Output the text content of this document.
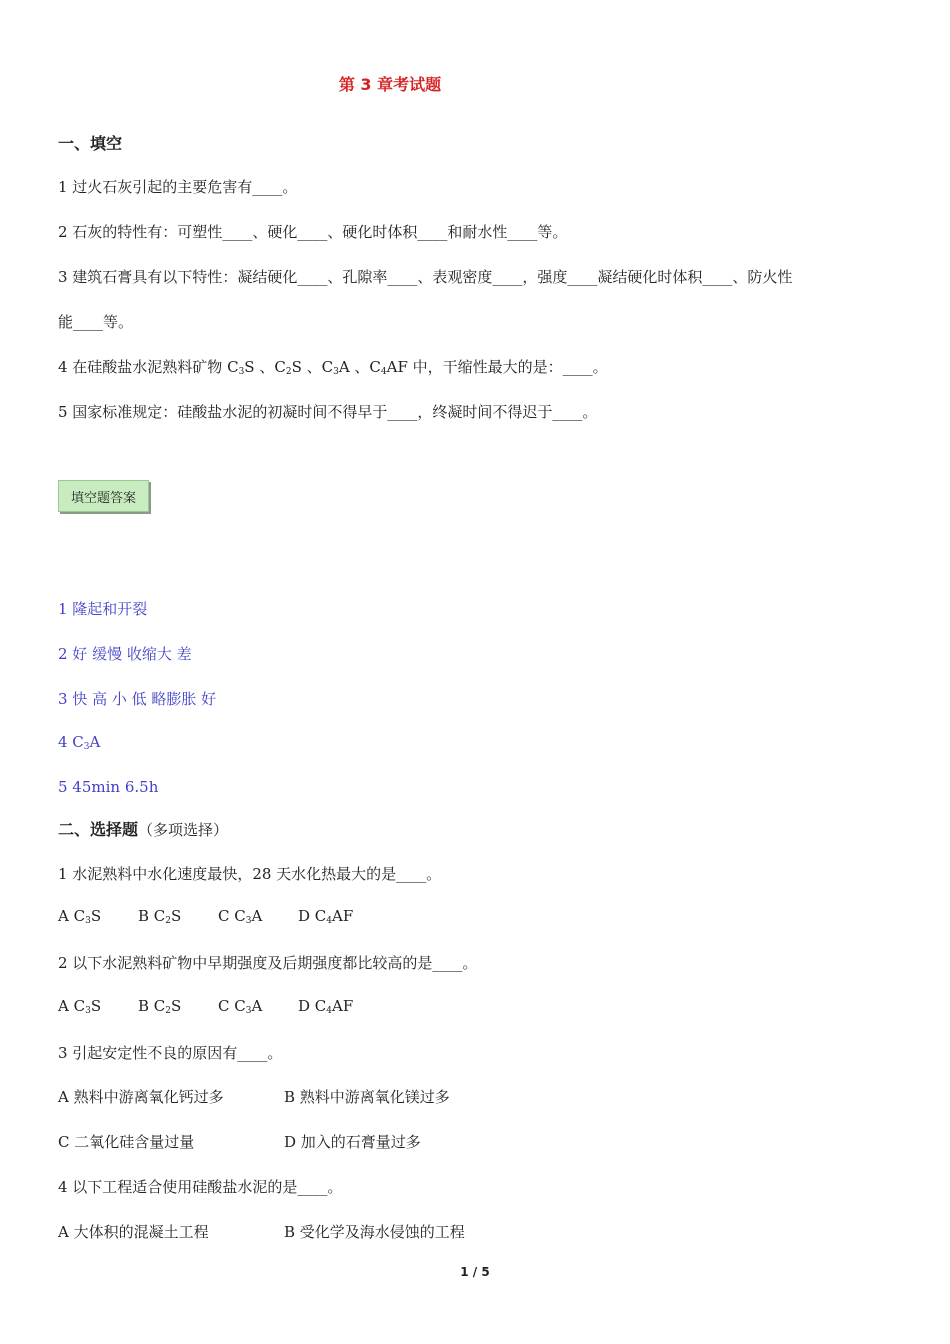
第 3 章考试题
一、填空
1 过火石灰引起的主要危害有____。
2 石灰的特性有：可塑性____、硬化____、硬化时体积____和耐水性____等。
3 建筑石膏具有以下特性：凝结硬化____、孔隙率____、表观密度____，强度____凝结硬化时体积____、防火性
能____等。
4 在硅酸盐水泥熟料矿物 $C_3S$ 、$C_2S$ 、$C_3A$ 、$C_4AF$ 中，干缩性最大的是：____。
5 国家标准规定：硅酸盐水泥的初凝时间不得早于____，终凝时间不得迟于____。
填空题答案
1 隆起和开裂
2 好 缓慢 收缩大 差
3 快 高 小 低 略膨胀 好
4 $C_3A$
5 45min 6.5h
二、选择题（多项选择）
1 水泥熟料中水化速度最快，28 天水化热最大的是____。
A $C_3S$ B $C_2S$ C $C_3A$ D $C_4AF$
2 以下水泥熟料矿物中早期强度及后期强度都比较高的是____。
A $C_3S$ B $C_2S$ C $C_3A$ D $C_4AF$
3 引起安定性不良的原因有____。
A 熟料中游离氧化钙过多	B 熟料中游离氧化镁过多
C 二氧化硅含量过量	D 加入的石膏量过多
4 以下工程适合使用硅酸盐水泥的是____。
A 大体积的混凝土工程	B 受化学及海水侵蚀的工程
1 / 5
